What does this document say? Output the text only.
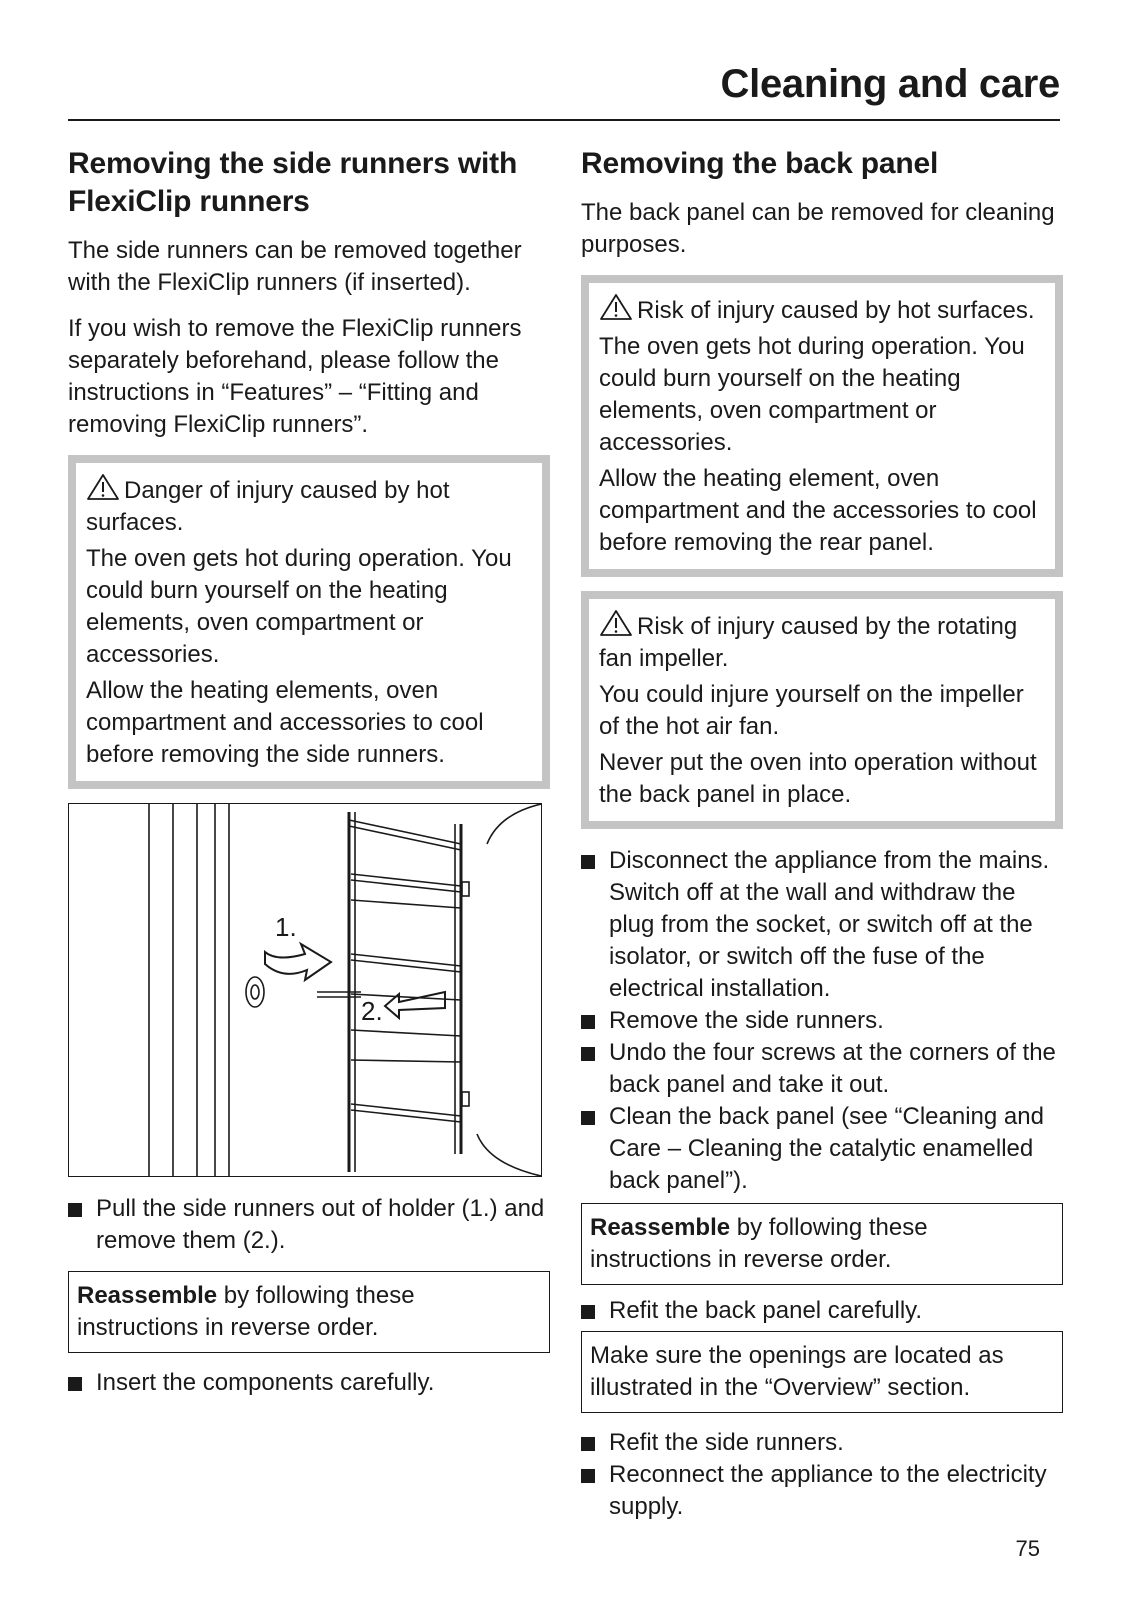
Cleaning and care
Removing the side runners with FlexiClip runners

The side runners can be removed together with the FlexiClip runners (if inserted).

If you wish to remove the FlexiClip runners separately beforehand, please follow the instructions in “Features” – “Fitting and removing FlexiClip runners”.

Danger of injury caused by hot surfaces.

The oven gets hot during operation. You could burn yourself on the heating elements, oven compartment or accessories.

Allow the heating elements, oven compartment and accessories to cool before removing the side runners.

1.
2.
Pull the side runners out of holder (1.) and remove them (2.).
Reassemble by following these instructions in reverse order.
Insert the components carefully.
Removing the back panel

The back panel can be removed for cleaning purposes.

Risk of injury caused by hot surfaces.

The oven gets hot during operation. You could burn yourself on the heating elements, oven compartment or accessories.

Allow the heating element, oven compartment and the accessories to cool before removing the rear panel.

Risk of injury caused by the rotating fan impeller.

You could injure yourself on the impeller of the hot air fan.

Never put the oven into operation without the back panel in place.

Disconnect the appliance from the mains. Switch off at the wall and withdraw the plug from the socket, or switch off at the isolator, or switch off the fuse of the electrical installation.
Remove the side runners.
Undo the four screws at the corners of the back panel and take it out.
Clean the back panel (see “Cleaning and Care – Cleaning the catalytic enamelled back panel”).
Reassemble by following these instructions in reverse order.
Refit the back panel carefully.
Make sure the openings are located as illustrated in the “Overview” section.
Refit the side runners.
Reconnect the appliance to the electricity supply.
75
